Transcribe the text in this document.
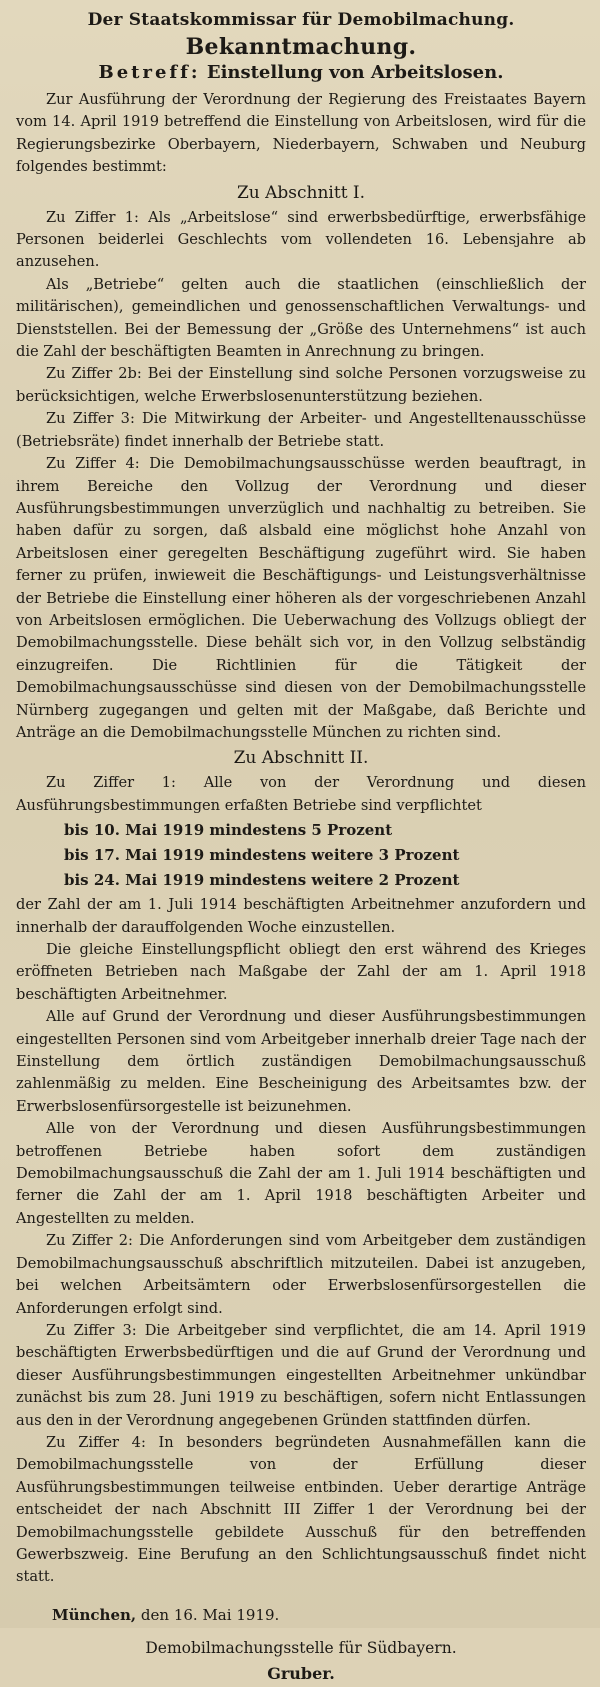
Der Staatskommissar für Demobilmachung.
Bekanntmachung.
Betreff: Einstellung von Arbeitslosen.

Zur Ausführung der Verordnung der Regierung des Freistaates Bayern vom 14. April 1919 betreffend die Einstellung von Arbeitslosen, wird für die Regierungsbezirke Oberbayern, Niederbayern, Schwaben und Neuburg folgendes bestimmt:

Zu Abschnitt I.

Zu Ziffer 1: Als „Arbeitslose“ sind erwerbsbedürftige, erwerbsfähige Personen beiderlei Geschlechts vom vollendeten 16. Lebensjahre ab anzusehen.

Als „Betriebe“ gelten auch die staatlichen (einschließlich der militärischen), gemeindlichen und genossenschaftlichen Verwaltungs- und Dienststellen. Bei der Bemessung der „Größe des Unternehmens“ ist auch die Zahl der beschäftigten Beamten in Anrechnung zu bringen.

Zu Ziffer 2b: Bei der Einstellung sind solche Personen vorzugsweise zu berücksichtigen, welche Erwerbslosenunterstützung beziehen.

Zu Ziffer 3: Die Mitwirkung der Arbeiter- und Angestelltenausschüsse (Betriebsräte) findet innerhalb der Betriebe statt.

Zu Ziffer 4: Die Demobilmachungsausschüsse werden beauftragt, in ihrem Bereiche den Vollzug der Verordnung und dieser Ausführungsbestimmungen unverzüglich und nachhaltig zu betreiben. Sie haben dafür zu sorgen, daß alsbald eine möglichst hohe Anzahl von Arbeitslosen einer geregelten Beschäftigung zugeführt wird. Sie haben ferner zu prüfen, inwieweit die Beschäftigungs- und Leistungsverhältnisse der Betriebe die Einstellung einer höheren als der vorgeschriebenen Anzahl von Arbeitslosen ermöglichen. Die Ueberwachung des Vollzugs obliegt der Demobilmachungsstelle. Diese behält sich vor, in den Vollzug selbständig einzugreifen. Die Richtlinien für die Tätigkeit der Demobilmachungsausschüsse sind diesen von der Demobilmachungsstelle Nürnberg zugegangen und gelten mit der Maßgabe, daß Berichte und Anträge an die Demobilmachungsstelle München zu richten sind.

Zu Abschnitt II.

Zu Ziffer 1: Alle von der Verordnung und diesen Ausführungsbestimmungen erfaßten Betriebe sind verpflichtet

bis 10. Mai 1919 mindestens 5 Prozent
bis 17. Mai 1919 mindestens weitere 3 Prozent
bis 24. Mai 1919 mindestens weitere 2 Prozent

der Zahl der am 1. Juli 1914 beschäftigten Arbeitnehmer anzufordern und innerhalb der darauffolgenden Woche einzustellen.

Die gleiche Einstellungspflicht obliegt den erst während des Krieges eröffneten Betrieben nach Maßgabe der Zahl der am 1. April 1918 beschäftigten Arbeitnehmer.

Alle auf Grund der Verordnung und dieser Ausführungsbestimmungen eingestellten Personen sind vom Arbeitgeber innerhalb dreier Tage nach der Einstellung dem örtlich zuständigen Demobilmachungsausschuß zahlenmäßig zu melden. Eine Bescheinigung des Arbeitsamtes bzw. der Erwerbslosenfürsorgestelle ist beizunehmen.

Alle von der Verordnung und diesen Ausführungsbestimmungen betroffenen Betriebe haben sofort dem zuständigen Demobilmachungsausschuß die Zahl der am 1. Juli 1914 beschäftigten und ferner die Zahl der am 1. April 1918 beschäftigten Arbeiter und Angestellten zu melden.

Zu Ziffer 2: Die Anforderungen sind vom Arbeitgeber dem zuständigen Demobilmachungsausschuß abschriftlich mitzuteilen. Dabei ist anzugeben, bei welchen Arbeitsämtern oder Erwerbslosenfürsorgestellen die Anforderungen erfolgt sind.

Zu Ziffer 3: Die Arbeitgeber sind verpflichtet, die am 14. April 1919 beschäftigten Erwerbsbedürftigen und die auf Grund der Verordnung und dieser Ausführungsbestimmungen eingestellten Arbeitnehmer unkündbar zunächst bis zum 28. Juni 1919 zu beschäftigen, sofern nicht Entlassungen aus den in der Verordnung angegebenen Gründen stattfinden dürfen.

Zu Ziffer 4: In besonders begründeten Ausnahmefällen kann die Demobilmachungsstelle von der Erfüllung dieser Ausführungsbestimmungen teilweise entbinden. Ueber derartige Anträge entscheidet der nach Abschnitt III Ziffer 1 der Verordnung bei der Demobilmachungsstelle gebildete Ausschuß für den betreffenden Gewerbszweig. Eine Berufung an den Schlichtungsausschuß findet nicht statt.

München, den 16. Mai 1919.
Demobilmachungsstelle für Südbayern.
Gruber.
